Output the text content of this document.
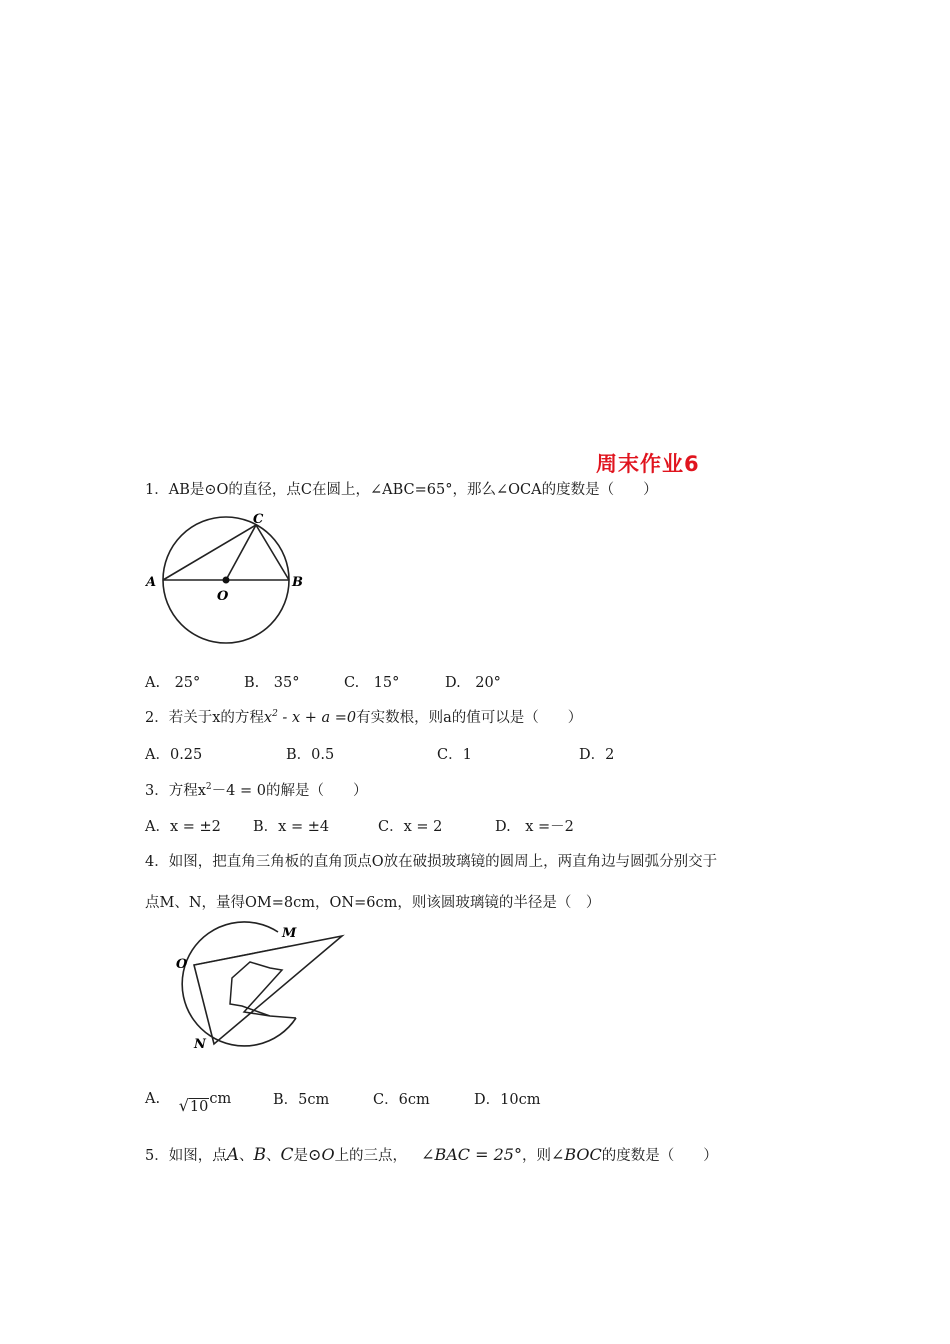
周末作业6
1．AB是⊙O的直径，点C在圆上，∠ABC=65°，那么∠OCA的度数是（　　）
A	B
C
O
A.　25°	B.　35°	C.　15°	D.　20°
2．若关于x的方程$x^2 - x + a =0$有实数根，则a的值可以是（　　）
A．0.25	B．0.5	C．1	D．2
3．方程$x^2-4 = 0$的解是（　　）
A．x = ±2 B．x = ±4	C．x = 2	D.　x =－2
4．如图，把直角三角板的直角顶点O放在破损玻璃镜的圆周上，两直角边与圆弧分别交于
点M、N，量得OM=8cm，ON=6cm，则该圆玻璃镜的半径是（　）
O
M
N
A. √10cm	B．5cm	C．6cm	D．10cm
5．如图，点A、B、C是⊙O上的三点， ∠BAC = 25°，则∠BOC的度数是（　　）
